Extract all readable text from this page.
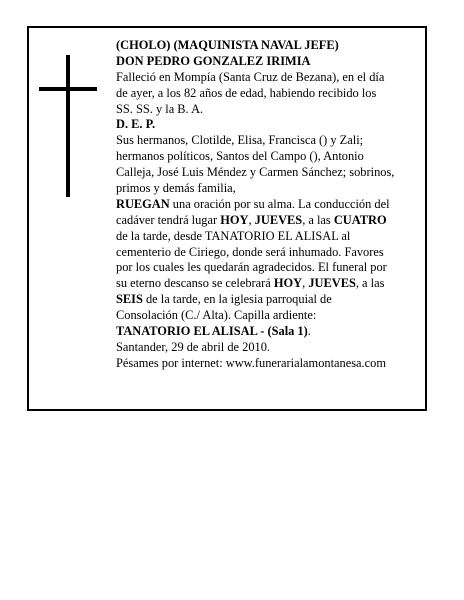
(CHOLO) (MAQUINISTA NAVAL JEFE)
DON PEDRO GONZALEZ IRIMIA
Falleció en Mompía (Santa Cruz de Bezana), en el día
de ayer, a los 82 años de edad, habiendo recibido los
SS. SS. y la B. A.
D. E. P.
Sus hermanos, Clotilde, Elisa, Francisca () y Zali;
hermanos políticos, Santos del Campo (), Antonio
Calleja, José Luis Méndez y Carmen Sánchez; sobrinos,
primos y demás familia,
RUEGAN una oración por su alma. La conducción del
cadáver tendrá lugar HOY, JUEVES, a las CUATRO
de la tarde, desde TANATORIO EL ALISAL al
cementerio de Ciriego, donde será inhumado. Favores
por los cuales les quedarán agradecidos. El funeral por
su eterno descanso se celebrará HOY, JUEVES, a las
SEIS de la tarde, en la iglesia parroquial de
Consolación (C./ Alta). Capilla ardiente:
TANATORIO EL ALISAL - (Sala 1).
Santander, 29 de abril de 2010.
Pésames por internet: www.funerarialamontanesa.com
